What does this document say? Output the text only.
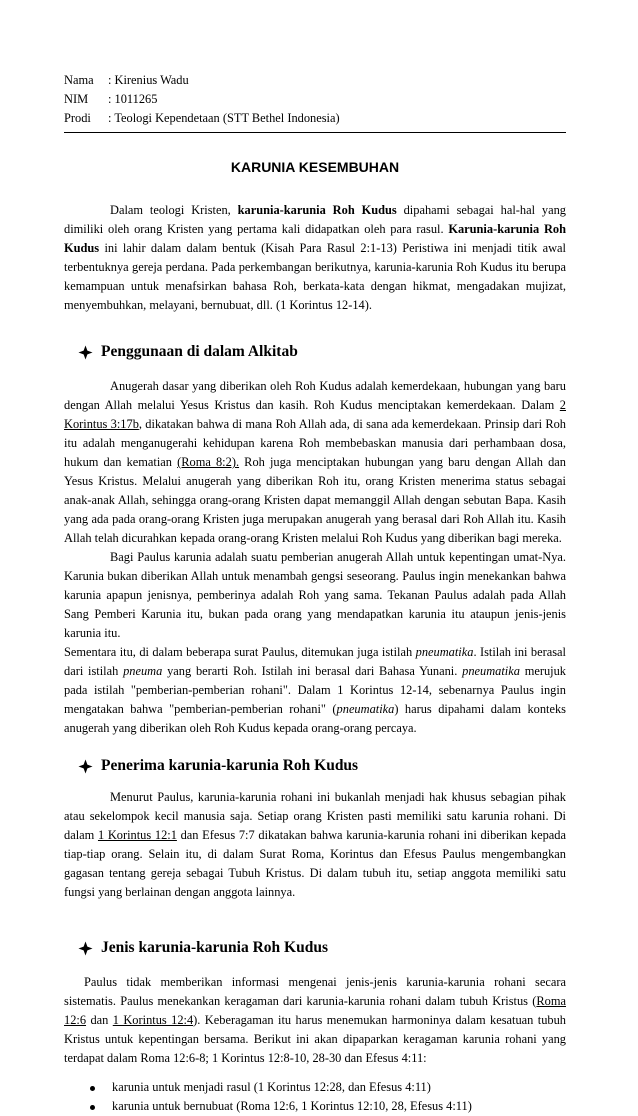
Nama	: Kirenius Wadu
NIM	: 1011265
Prodi	: Teologi Kependetaan (STT Bethel Indonesia)
KARUNIA KESEMBUHAN

Dalam teologi Kristen, karunia-karunia Roh Kudus dipahami sebagai hal-hal yang dimiliki oleh orang Kristen yang pertama kali didapatkan oleh para rasul. Karunia-karunia Roh Kudus ini lahir dalam dalam bentuk (Kisah Para Rasul 2:1-13) Peristiwa ini menjadi titik awal terbentuknya gereja perdana. Pada perkembangan berikutnya, karunia-karunia Roh Kudus itu berupa kemampuan untuk menafsirkan bahasa Roh, berkata-kata dengan hikmat, mengadakan mujizat, menyembuhkan, melayani, bernubuat, dll. (1 Korintus 12-14).

Penggunaan di dalam Alkitab

Anugerah dasar yang diberikan oleh Roh Kudus adalah kemerdekaan, hubungan yang baru dengan Allah melalui Yesus Kristus dan kasih. Roh Kudus menciptakan kemerdekaan. Dalam 2 Korintus 3:17b, dikatakan bahwa di mana Roh Allah ada, di sana ada kemerdekaan. Prinsip dari Roh itu adalah menganugerahi kehidupan karena Roh membebaskan manusia dari perhambaan dosa, hukum dan kematian (Roma 8:2). Roh juga menciptakan hubungan yang baru dengan Allah dan Yesus Kristus. Melalui anugerah yang diberikan Roh itu, orang Kristen menerima status sebagai anak-anak Allah, sehingga orang-orang Kristen dapat memanggil Allah dengan sebutan Bapa. Kasih yang ada pada orang-orang Kristen juga merupakan anugerah yang berasal dari Roh Allah itu. Kasih Allah telah dicurahkan kepada orang-orang Kristen melalui Roh Kudus yang diberikan bagi mereka.

Bagi Paulus karunia adalah suatu pemberian anugerah Allah untuk kepentingan umat-Nya. Karunia bukan diberikan Allah untuk menambah gengsi seseorang. Paulus ingin menekankan bahwa karunia apapun jenisnya, pemberinya adalah Roh yang sama. Tekanan Paulus adalah pada Allah Sang Pemberi Karunia itu, bukan pada orang yang mendapatkan karunia itu ataupun jenis-jenis karunia itu.

Sementara itu, di dalam beberapa surat Paulus, ditemukan juga istilah pneumatika. Istilah ini berasal dari istilah pneuma yang berarti Roh. Istilah ini berasal dari Bahasa Yunani. pneumatika merujuk pada istilah "pemberian-pemberian rohani". Dalam 1 Korintus 12-14, sebenarnya Paulus ingin mengatakan bahwa "pemberian-pemberian rohani" (pneumatika) harus dipahami dalam konteks anugerah yang diberikan oleh Roh Kudus kepada orang-orang percaya.

Penerima karunia-karunia Roh Kudus

Menurut Paulus, karunia-karunia rohani ini bukanlah menjadi hak khusus sebagian pihak atau sekelompok kecil manusia saja. Setiap orang Kristen pasti memiliki satu karunia rohani. Di dalam 1 Korintus 12:1 dan Efesus 7:7 dikatakan bahwa karunia-karunia rohani ini diberikan kepada tiap-tiap orang. Selain itu, di dalam Surat Roma, Korintus dan Efesus Paulus mengembangkan gagasan tentang gereja sebagai Tubuh Kristus. Di dalam tubuh itu, setiap anggota memiliki satu fungsi yang berlainan dengan anggota lainnya.

Jenis karunia-karunia Roh Kudus

Paulus tidak memberikan informasi mengenai jenis-jenis karunia-karunia rohani secara sistematis. Paulus menekankan keragaman dari karunia-karunia rohani dalam tubuh Kristus (Roma 12:6 dan 1 Korintus 12:4). Keberagaman itu harus menemukan harmoninya dalam kesatuan tubuh Kristus untuk kepentingan bersama. Berikut ini akan dipaparkan keragaman karunia rohani yang terdapat dalam Roma 12:6-8; 1 Korintus 12:8-10, 28-30 dan Efesus 4:11:

karunia untuk menjadi rasul (1 Korintus 12:28, dan Efesus 4:11)
karunia untuk bernubuat (Roma 12:6, 1 Korintus 12:10, 28, Efesus 4:11)
